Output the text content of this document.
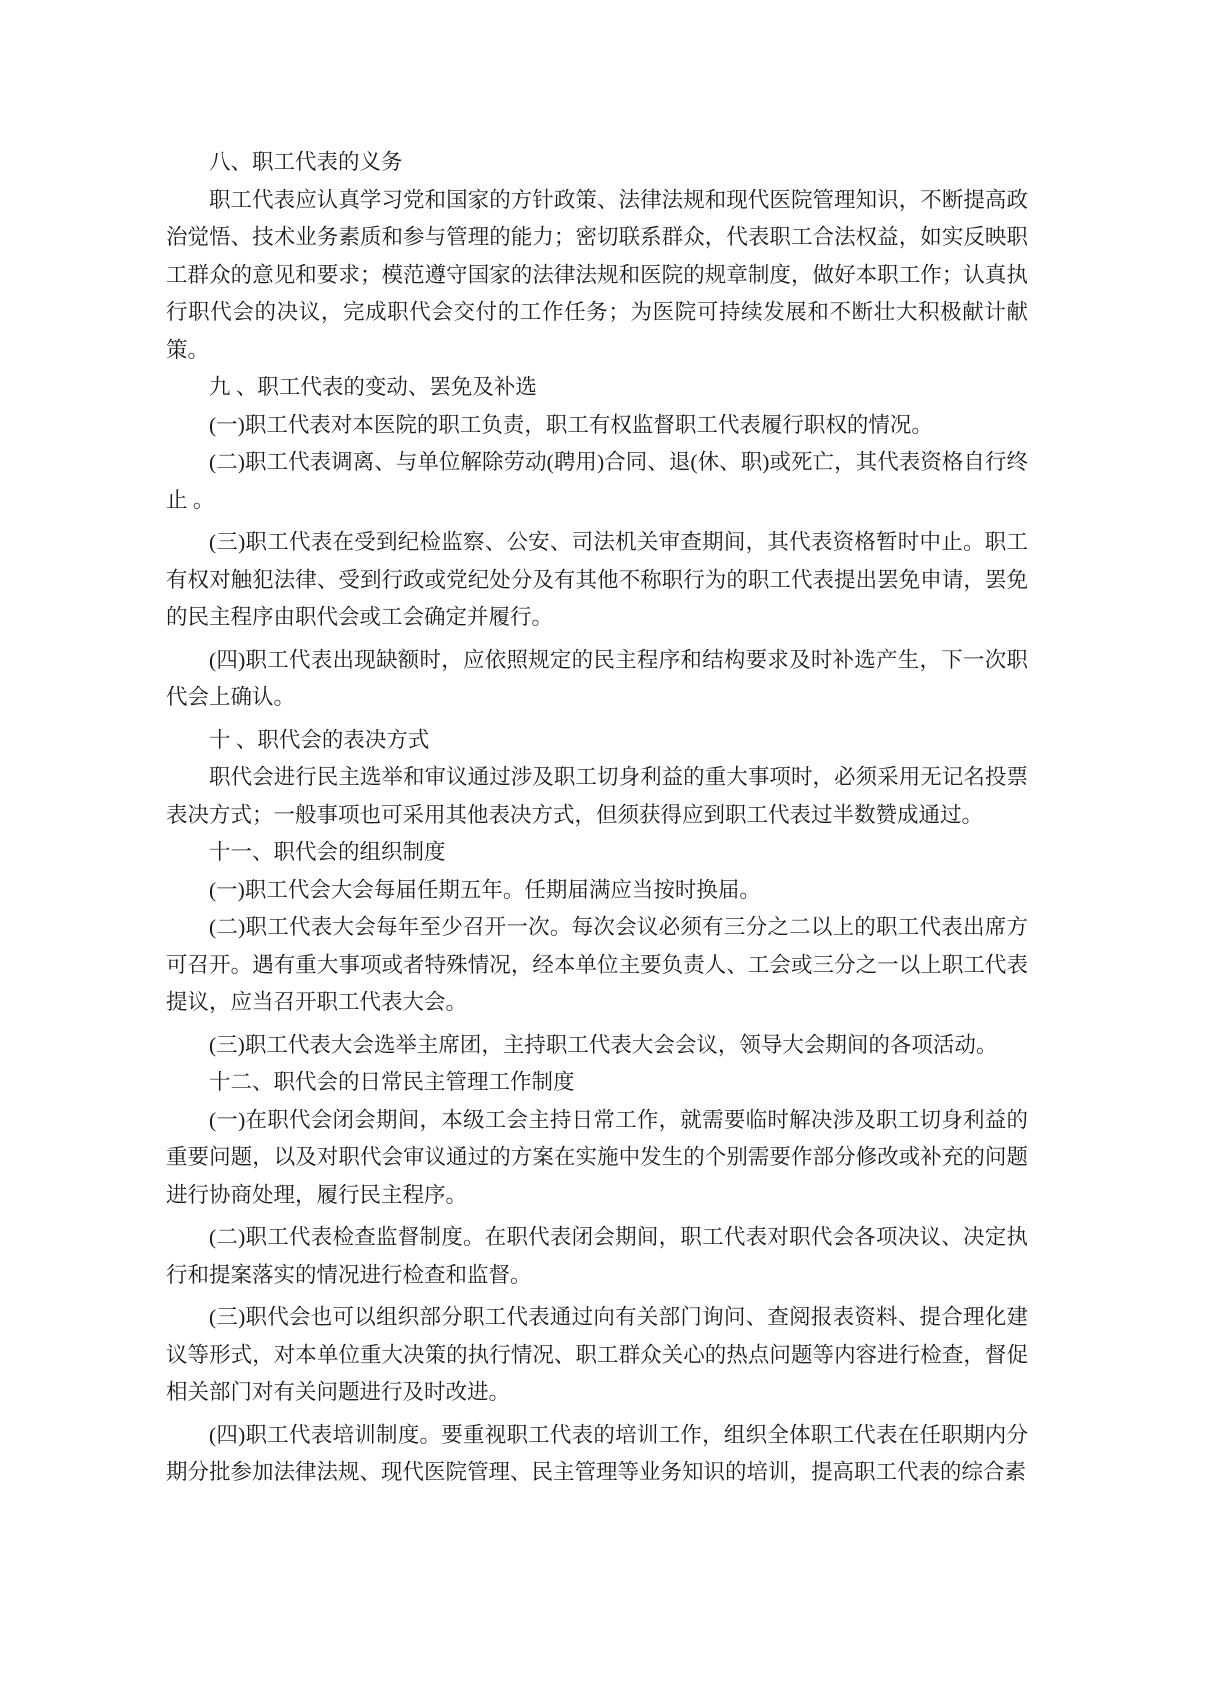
八、职工代表的义务

职工代表应认真学习党和国家的方针政策、法律法规和现代医院管理知识，不断提高政治觉悟、技术业务素质和参与管理的能力；密切联系群众，代表职工合法权益，如实反映职工群众的意见和要求；模范遵守国家的法律法规和医院的规章制度，做好本职工作；认真执行职代会的决议，完成职代会交付的工作任务；为医院可持续发展和不断壮大积极献计献策。

九 、职工代表的变动、罢免及补选

(一)职工代表对本医院的职工负责，职工有权监督职工代表履行职权的情况。

(二)职工代表调离、与单位解除劳动(聘用)合同、退(休、职)或死亡，其代表资格自行终止 。

(三)职工代表在受到纪检监察、公安、司法机关审查期间，其代表资格暂时中止。职工有权对触犯法律、受到行政或党纪处分及有其他不称职行为的职工代表提出罢免申请，罢免的民主程序由职代会或工会确定并履行。

(四)职工代表出现缺额时，应依照规定的民主程序和结构要求及时补选产生，下一次职代会上确认。

十 、职代会的表决方式

职代会进行民主选举和审议通过涉及职工切身利益的重大事项时，必须采用无记名投票表决方式；一般事项也可采用其他表决方式，但须获得应到职工代表过半数赞成通过。

十一、职代会的组织制度

(一)职工代会大会每届任期五年。任期届满应当按时换届。

(二)职工代表大会每年至少召开一次。每次会议必须有三分之二以上的职工代表出席方可召开。遇有重大事项或者特殊情况，经本单位主要负责人、工会或三分之一以上职工代表提议，应当召开职工代表大会。

(三)职工代表大会选举主席团，主持职工代表大会会议，领导大会期间的各项活动。

十二、职代会的日常民主管理工作制度

(一)在职代会闭会期间，本级工会主持日常工作，就需要临时解决涉及职工切身利益的重要问题，以及对职代会审议通过的方案在实施中发生的个别需要作部分修改或补充的问题进行协商处理，履行民主程序。

(二)职工代表检查监督制度。在职代表闭会期间，职工代表对职代会各项决议、决定执行和提案落实的情况进行检查和监督。

(三)职代会也可以组织部分职工代表通过向有关部门询问、查阅报表资料、提合理化建议等形式，对本单位重大决策的执行情况、职工群众关心的热点问题等内容进行检查，督促相关部门对有关问题进行及时改进。

(四)职工代表培训制度。要重视职工代表的培训工作，组织全体职工代表在任职期内分期分批参加法律法规、现代医院管理、民主管理等业务知识的培训，提高职工代表的综合素
